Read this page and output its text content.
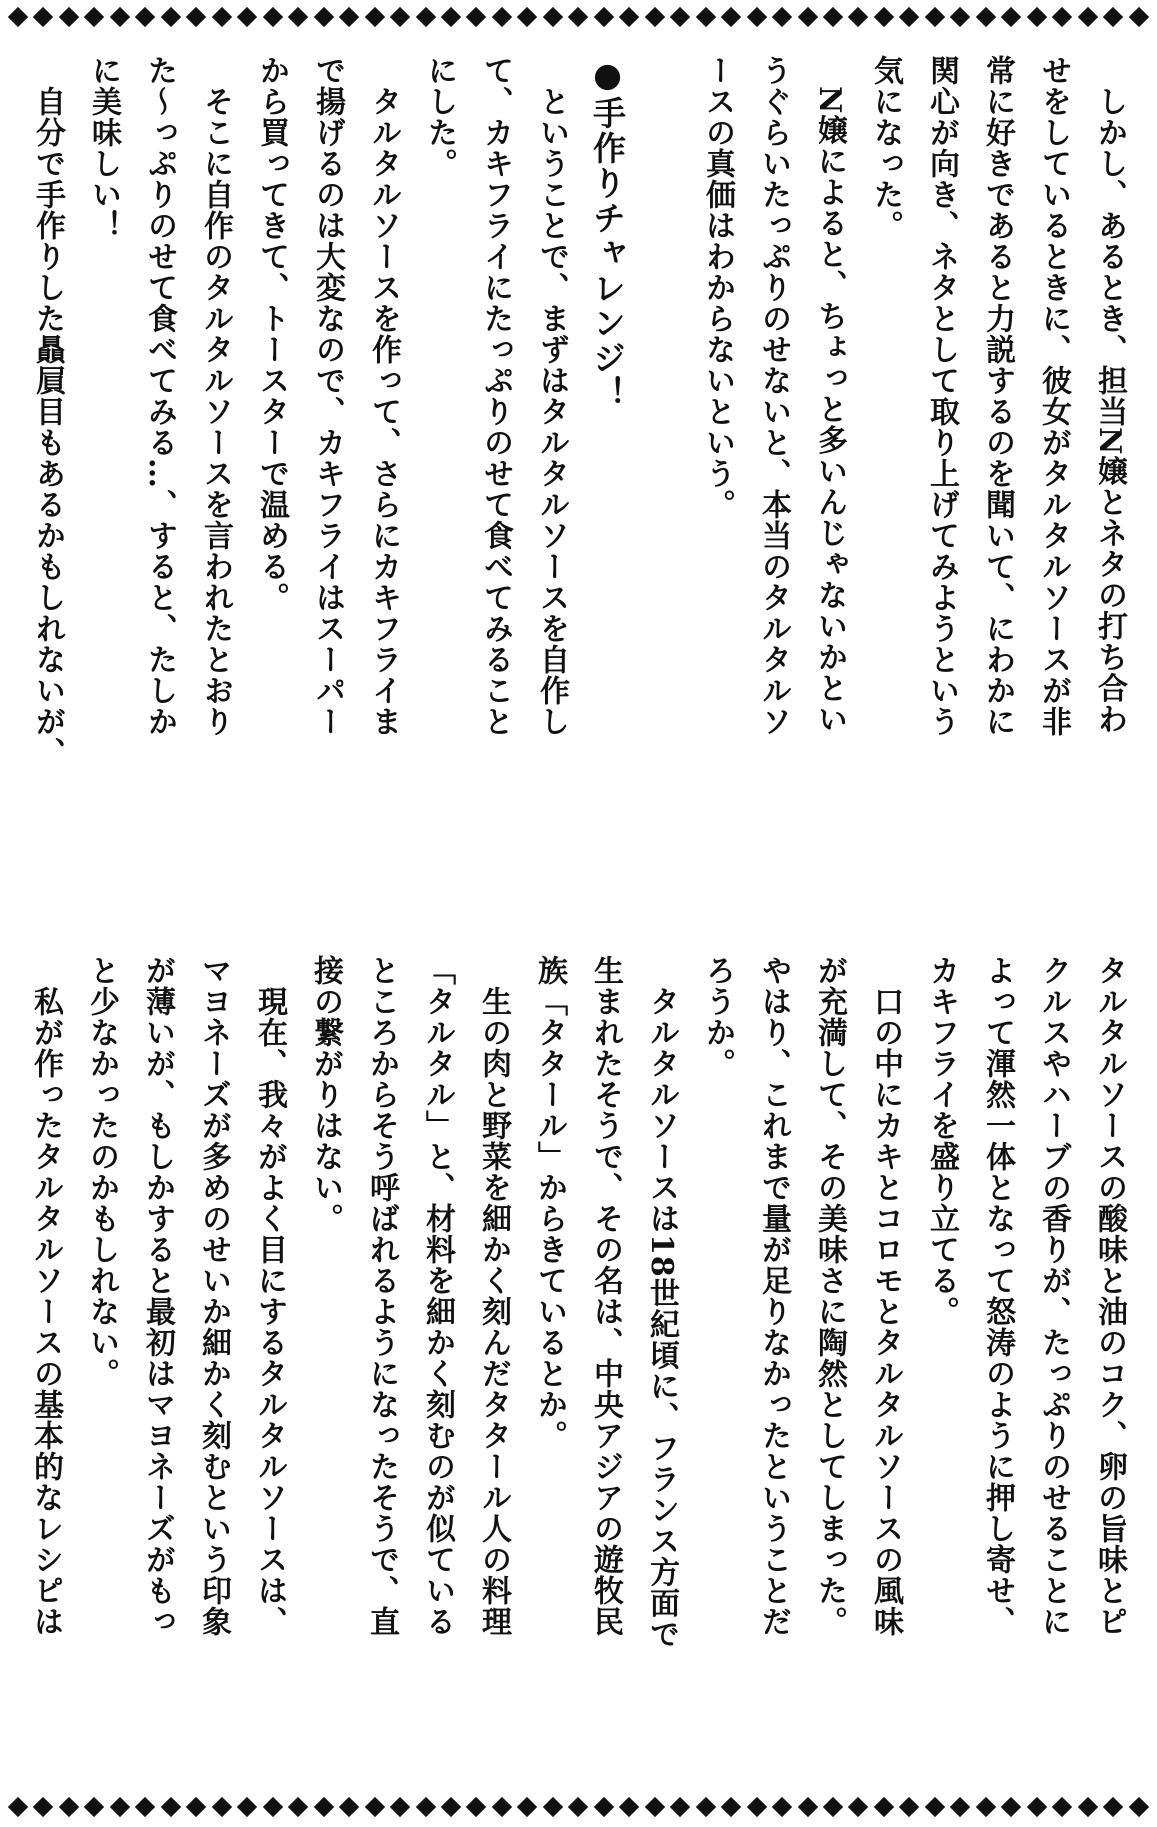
　しかし、あるとき、担当N嬢とネタの打ち合わ
せをしているときに、彼女がタルタルソースが非
常に好きであると力説するのを聞いて、にわかに
関心が向き、ネタとして取り上げてみようという
気になった。
　N嬢によると、ちょっと多いんじゃないかとい
うぐらいたっぷりのせないと、本当のタルタルソ
ースの真価はわからないという。
●手作りチャレンジ！
　ということで、まずはタルタルソースを自作し
て、カキフライにたっぷりのせて食べてみること
にした。
　タルタルソースを作って、さらにカキフライま
で揚げるのは大変なので、カキフライはスーパー
から買ってきて、トースターで温める。
　そこに自作のタルタルソースを言われたとおり
た～っぷりのせて食べてみる…、すると、たしか
に美味しい！
　自分で手作りした贔屓目もあるかもしれないが、
タルタルソースの酸味と油のコク、卵の旨味とピ
クルスやハーブの香りが、たっぷりのせることに
よって渾然一体となって怒涛のように押し寄せ、
カキフライを盛り立てる。
　口の中にカキとコロモとタルタルソースの風味
が充満して、その美味さに陶然としてしまった。
やはり、これまで量が足りなかったということだ
ろうか。
　タルタルソースは18世紀頃に、フランス方面で
生まれたそうで、その名は、中央アジアの遊牧民
族「タタール」からきているとか。
　生の肉と野菜を細かく刻んだタタール人の料理
「タルタル」と、材料を細かく刻むのが似ている
ところからそう呼ばれるようになったそうで、直
接の繋がりはない。
　現在、我々がよく目にするタルタルソースは、
マヨネーズが多めのせいか細かく刻むという印象
が薄いが、もしかすると最初はマヨネーズがもっ
と少なかったのかもしれない。
　私が作ったタルタルソースの基本的なレシピは
